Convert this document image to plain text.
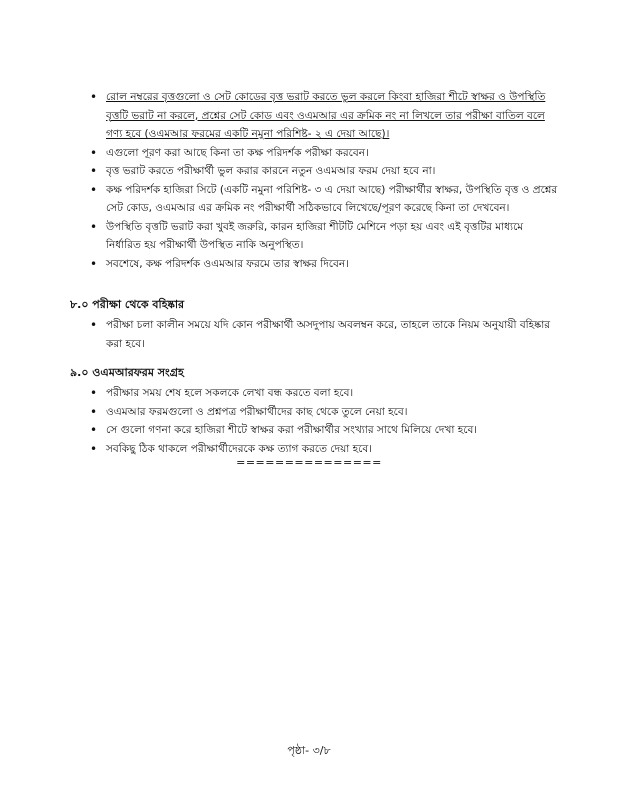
• রোল নম্বরের বৃত্তগুলো ও সেট কোডের বৃত্ত ভরাট করতে ভুল করলে কিংবা হাজিরা শীটে স্বাক্ষর ও উপস্থিতি বৃত্তটি ভরাট না করলে, প্রশ্নের সেট কোড এবং ওএমআর এর ক্রমিক নং না লিখলে তার পরীক্ষা বাতিল বলে গণ্য হবে (ওএমআর ফরমের একটি নমুনা পরিশিষ্ট- ২ এ দেয়া আছে)।
• এগুলো পূরণ করা আছে কিনা তা কক্ষ পরিদর্শক পরীক্ষা করবেন।
• বৃত্ত ভরাট করতে পরীক্ষার্থী ভুল করার কারনে নতুন ওএমআর ফরম দেয়া হবে না।
• কক্ষ পরিদর্শক হাজিরা সিটে (একটি নমুনা পরিশিষ্ট- ৩ এ দেয়া আছে) পরীক্ষার্থীর স্বাক্ষর, উপস্থিতি বৃত্ত ও প্রশ্নের সেট কোড, ওএমআর এর ক্রমিক নং পরীক্ষার্থী সঠিকভাবে লিখেছে/পূরণ করেছে কিনা তা দেখবেন।
• উপস্থিতি বৃত্তটি ভরাট করা খুবই জরুরি, কারন হাজিরা শীটটি মেশিনে পড়া হয় এবং এই বৃত্তটির মাধ্যমে নির্ধারিত হয় পরীক্ষার্থী উপস্থিত নাকি অনুপস্থিত।
• সবশেষে, কক্ষ পরিদর্শক ওএমআর ফরমে তার স্বাক্ষর দিবেন।
৮.০ পরীক্ষা থেকে বহিষ্কার
• পরীক্ষা চলা কালীন সময়ে যদি কোন পরীক্ষার্থী অসদুপায় অবলম্বন করে, তাহলে তাকে নিয়ম অনুযায়ী বহিষ্কার করা হবে।
৯.০ ওএমআরফরম সংগ্রহ
• পরীক্ষার সময় শেষ হলে সকলকে লেখা বন্ধ করতে বলা হবে।
• ওএমআর ফরমগুলো ও প্রশ্নপত্র পরীক্ষার্থীদের কাছ থেকে তুলে নেয়া হবে।
• সে গুলো গণনা করে হাজিরা শীটে স্বাক্ষর করা পরীক্ষার্থীর সংখ্যার সাথে মিলিয়ে দেখা হবে।
• সবকিছু ঠিক থাকলে পরীক্ষার্থীদেরকে কক্ষ ত্যাগ করতে দেয়া হবে।
===============
পৃষ্ঠা- ৩/৮
